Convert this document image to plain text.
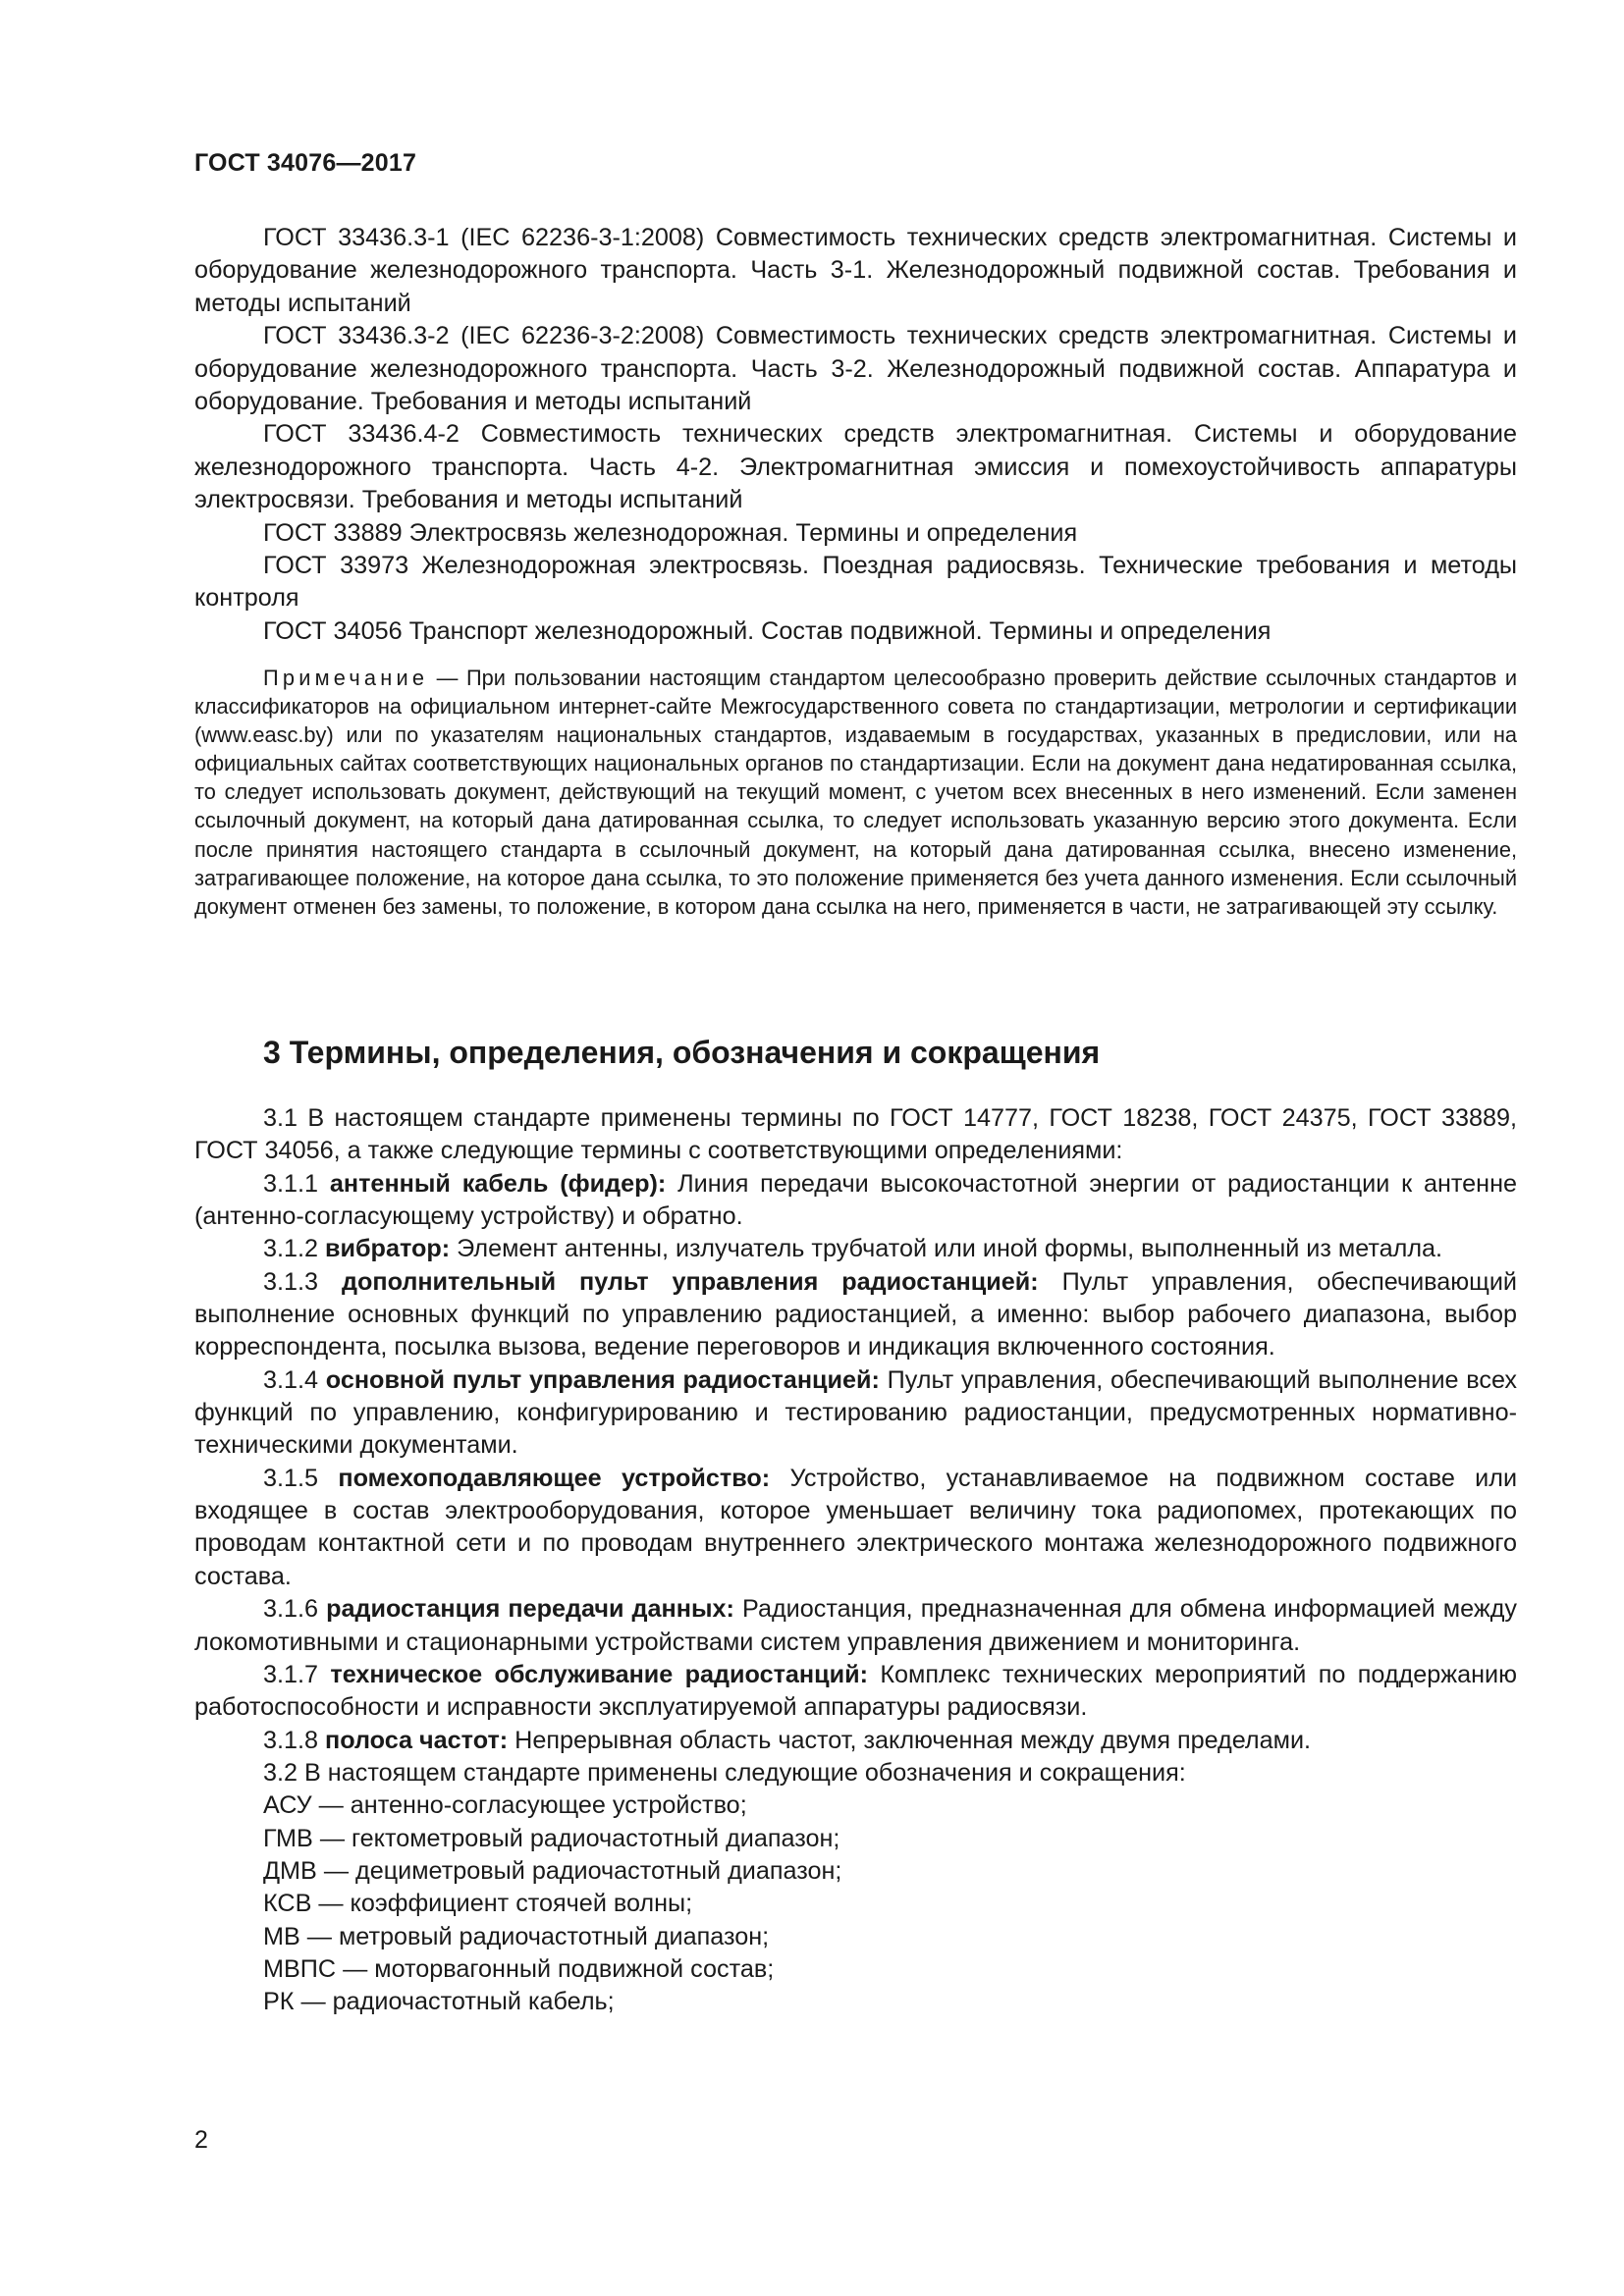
ГОСТ 34076—2017

ГОСТ 33436.3-1 (IEC 62236-3-1:2008) Совместимость технических средств электромагнитная. Системы и оборудование железнодорожного транспорта. Часть 3-1. Железнодорожный подвижной состав. Требования и методы испытаний

ГОСТ 33436.3-2 (IEC 62236-3-2:2008) Совместимость технических средств электромагнитная. Системы и оборудование железнодорожного транспорта. Часть 3-2. Железнодорожный подвижной состав. Аппаратура и оборудование. Требования и методы испытаний

ГОСТ 33436.4-2 Совместимость технических средств электромагнитная. Системы и оборудование железнодорожного транспорта. Часть 4-2. Электромагнитная эмиссия и помехоустойчивость аппаратуры электросвязи. Требования и методы испытаний

ГОСТ 33889 Электросвязь железнодорожная. Термины и определения

ГОСТ 33973 Железнодорожная электросвязь. Поездная радиосвязь. Технические требования и методы контроля

ГОСТ 34056 Транспорт железнодорожный. Состав подвижной. Термины и определения

Примечание — При пользовании настоящим стандартом целесообразно проверить действие ссылочных стандартов и классификаторов на официальном интернет-сайте Межгосударственного совета по стандартизации, метрологии и сертификации (www.easc.by) или по указателям национальных стандартов, издаваемым в государствах, указанных в предисловии, или на официальных сайтах соответствующих национальных органов по стандартизации. Если на документ дана недатированная ссылка, то следует использовать документ, действующий на текущий момент, с учетом всех внесенных в него изменений. Если заменен ссылочный документ, на который дана датированная ссылка, то следует использовать указанную версию этого документа. Если после принятия настоящего стандарта в ссылочный документ, на который дана датированная ссылка, внесено изменение, затрагивающее положение, на которое дана ссылка, то это положение применяется без учета данного изменения. Если ссылочный документ отменен без замены, то положение, в котором дана ссылка на него, применяется в части, не затрагивающей эту ссылку.

3 Термины, определения, обозначения и сокращения

3.1 В настоящем стандарте применены термины по ГОСТ 14777, ГОСТ 18238, ГОСТ 24375, ГОСТ 33889, ГОСТ 34056, а также следующие термины с соответствующими определениями:

3.1.1 антенный кабель (фидер): Линия передачи высокочастотной энергии от радиостанции к антенне (антенно-согласующему устройству) и обратно.

3.1.2 вибратор: Элемент антенны, излучатель трубчатой или иной формы, выполненный из металла.

3.1.3 дополнительный пульт управления радиостанцией: Пульт управления, обеспечивающий выполнение основных функций по управлению радиостанцией, а именно: выбор рабочего диапазона, выбор корреспондента, посылка вызова, ведение переговоров и индикация включенного состояния.

3.1.4 основной пульт управления радиостанцией: Пульт управления, обеспечивающий выполнение всех функций по управлению, конфигурированию и тестированию радиостанции, предусмотренных нормативно-техническими документами.

3.1.5 помехоподавляющее устройство: Устройство, устанавливаемое на подвижном составе или входящее в состав электрооборудования, которое уменьшает величину тока радиопомех, протекающих по проводам контактной сети и по проводам внутреннего электрического монтажа железнодорожного подвижного состава.

3.1.6 радиостанция передачи данных: Радиостанция, предназначенная для обмена информацией между локомотивными и стационарными устройствами систем управления движением и мониторинга.

3.1.7 техническое обслуживание радиостанций: Комплекс технических мероприятий по поддержанию работоспособности и исправности эксплуатируемой аппаратуры радиосвязи.

3.1.8 полоса частот: Непрерывная область частот, заключенная между двумя пределами.

3.2 В настоящем стандарте применены следующие обозначения и сокращения:

АСУ — антенно-согласующее устройство;

ГМВ — гектометровый радиочастотный диапазон;

ДМВ — дециметровый радиочастотный диапазон;

КСВ — коэффициент стоячей волны;

МВ — метровый радиочастотный диапазон;

МВПС — моторвагонный подвижной состав;

РК — радиочастотный кабель;

2
